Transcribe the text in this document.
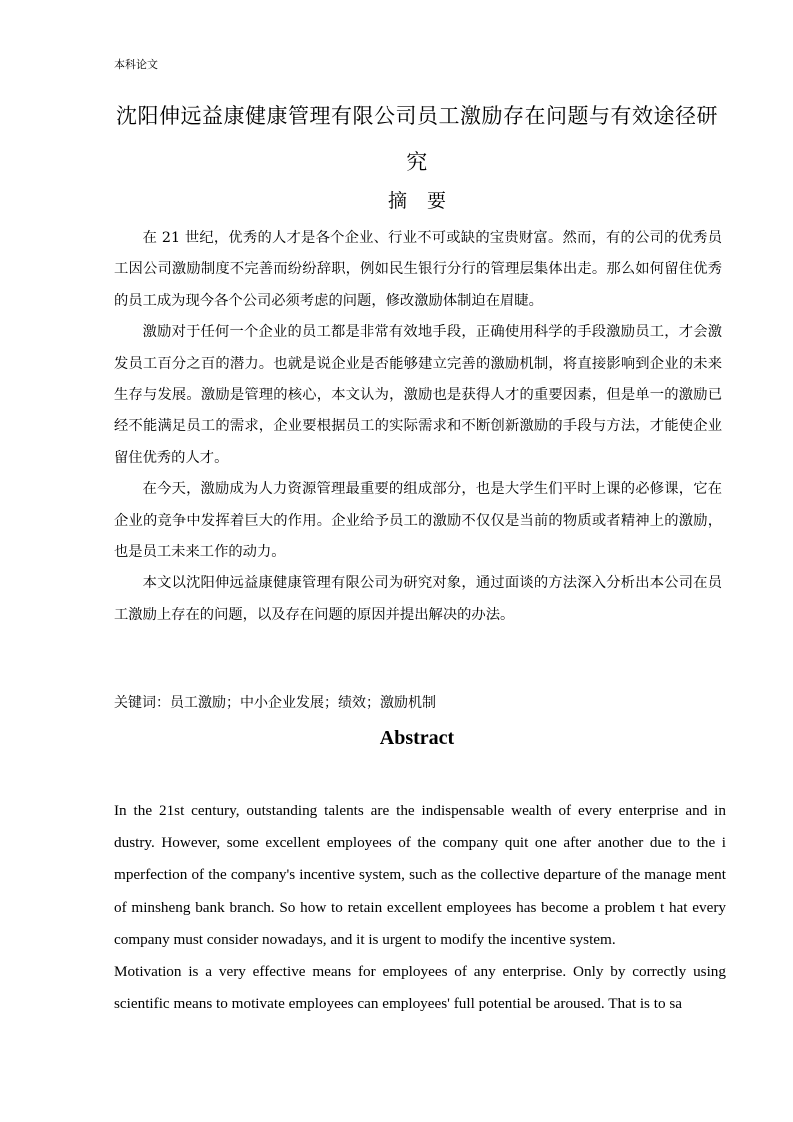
本科论文
沈阳伸远益康健康管理有限公司员工激励存在问题与有效途径研
究
摘 要

在 21 世纪，优秀的人才是各个企业、行业不可或缺的宝贵财富。然而，有的公司的优秀员工因公司激励制度不完善而纷纷辞职，例如民生银行分行的管理层集体出走。那么如何留住优秀的员工成为现今各个公司必须考虑的问题，修改激励体制迫在眉睫。

激励对于任何一个企业的员工都是非常有效地手段，正确使用科学的手段激励员工，才会激发员工百分之百的潜力。也就是说企业是否能够建立完善的激励机制，将直接影响到企业的未来生存与发展。激励是管理的核心，本文认为，激励也是获得人才的重要因素，但是单一的激励已经不能满足员工的需求，企业要根据员工的实际需求和不断创新激励的手段与方法，才能使企业留住优秀的人才。

在今天，激励成为人力资源管理最重要的组成部分，也是大学生们平时上课的必修课，它在企业的竞争中发挥着巨大的作用。企业给予员工的激励不仅仅是当前的物质或者精神上的激励，也是员工未来工作的动力。

本文以沈阳伸远益康健康管理有限公司为研究对象，通过面谈的方法深入分析出本公司在员工激励上存在的问题，以及存在问题的原因并提出解决的办法。

关键词：员工激励；中小企业发展；绩效；激励机制
Abstract

In the 21st century, outstanding talents are the indispensable wealth of every enterprise and in dustry. However, some excellent employees of the company quit one after another due to the i mperfection of the company's incentive system, such as the collective departure of the manage ment of minsheng bank branch. So how to retain excellent employees has become a problem t hat every company must consider nowadays, and it is urgent to modify the incentive system.

Motivation is a very effective means for employees of any enterprise. Only by correctly using scientific means to motivate employees can employees' full potential be aroused. That is to sa
